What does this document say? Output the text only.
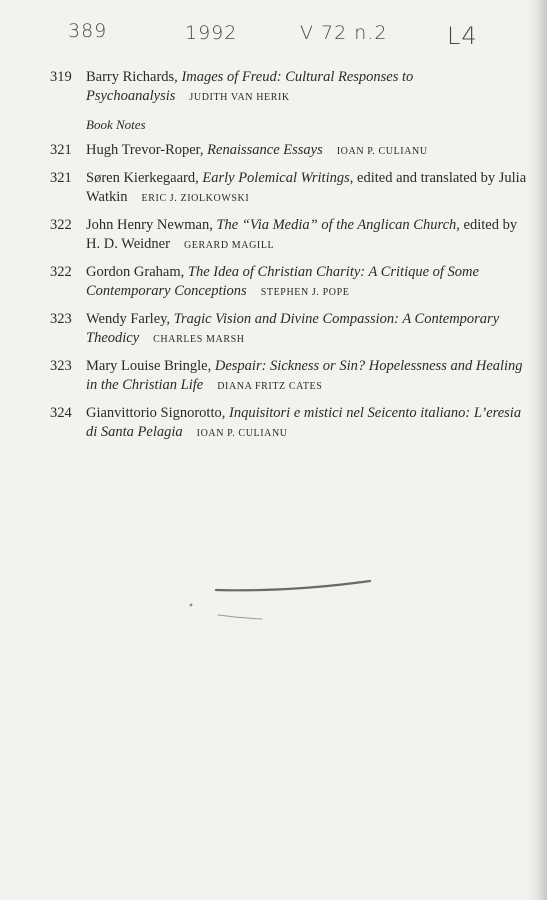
389	1992	V 72 n.2 L4
319 Barry Richards, Images of Freud: Cultural Responses to Psychoanalysis JUDITH VAN HERIK
Book Notes
321 Hugh Trevor-Roper, Renaissance Essays IOAN P. CULIANU
321 Søren Kierkegaard, Early Polemical Writings, edited and translated by Julia Watkin ERIC J. ZIOLKOWSKI
322 John Henry Newman, The “Via Media” of the Anglican Church, edited by H. D. Weidner GERARD MAGILL
322 Gordon Graham, The Idea of Christian Charity: A Critique of Some Contemporary Conceptions STEPHEN J. POPE
323 Wendy Farley, Tragic Vision and Divine Compassion: A Contemporary Theodicy CHARLES MARSH
323 Mary Louise Bringle, Despair: Sickness or Sin? Hopelessness and Healing in the Christian Life DIANA FRITZ CATES
324 Gianvittorio Signorotto, Inquisitori e mistici nel Seicento italiano: L’eresia di Santa Pelagia IOAN P. CULIANU
